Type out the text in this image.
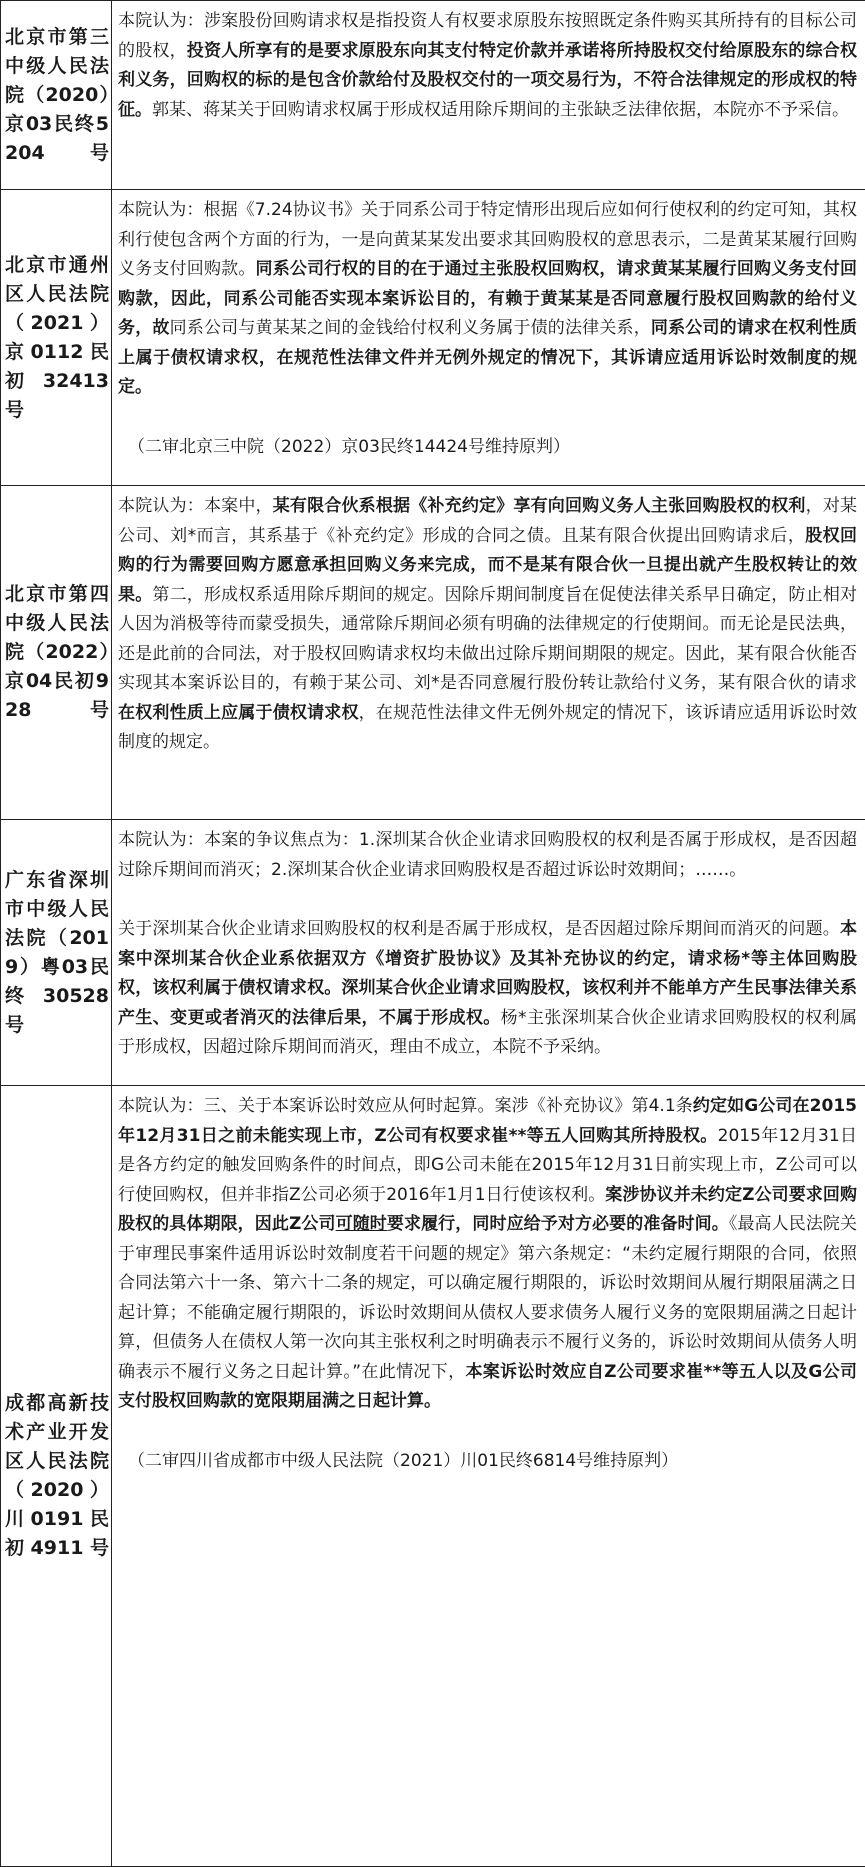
北京市第三中级人民法院（2020）京03民终5204号	本院认为：涉案股份回购请求权是指投资人有权要求原股东按照既定条件购买其所持有的目标公司的股权，投资人所享有的是要求原股东向其支付特定价款并承诺将所持股权交付给原股东的综合权利义务，回购权的标的是包含价款给付及股权交付的一项交易行为，不符合法律规定的形成权的特征。郭某、蒋某关于回购请求权属于形成权适用除斥期间的主张缺乏法律依据，本院亦不予采信。

北京市通州区人民法院（2021）京0112民初32413号	本院认为：根据《7.24协议书》关于同系公司于特定情形出现后应如何行使权利的约定可知，其权利行使包含两个方面的行为，一是向黄某某发出要求其回购股权的意思表示，二是黄某某履行回购义务支付回购款。同系公司行权的目的在于通过主张股权回购权，请求黄某某履行回购义务支付回购款，因此，同系公司能否实现本案诉讼目的，有赖于黄某某是否同意履行股权回购款的给付义务，故同系公司与黄某某之间的金钱给付权利义务属于债的法律关系，同系公司的请求在权利性质上属于债权请求权，在规范性法律文件并无例外规定的情况下，其诉请应适用诉讼时效制度的规定。

（二审北京三中院（2022）京03民终14424号维持原判）

北京市第四中级人民法院（2022）京04民初928号	本院认为：本案中，某有限合伙系根据《补充约定》享有向回购义务人主张回购股权的权利，对某公司、刘*而言，其系基于《补充约定》形成的合同之债。且某有限合伙提出回购请求后，股权回购的行为需要回购方愿意承担回购义务来完成，而不是某有限合伙一旦提出就产生股权转让的效果。第二，形成权系适用除斥期间的规定。因除斥期间制度旨在促使法律关系早日确定，防止相对人因为消极等待而蒙受损失，通常除斥期间必须有明确的法律规定的行使期间。而无论是民法典，还是此前的合同法，对于股权回购请求权均未做出过除斥期间期限的规定。因此，某有限合伙能否实现其本案诉讼目的，有赖于某公司、刘*是否同意履行股份转让款给付义务，某有限合伙的请求在权利性质上应属于债权请求权，在规范性法律文件无例外规定的情况下，该诉请应适用诉讼时效制度的规定。

广东省深圳市中级人民法院（2019）粤03民终30528号	本院认为：本案的争议焦点为：1.深圳某合伙企业请求回购股权的权利是否属于形成权，是否因超过除斥期间而消灭；2.深圳某合伙企业请求回购股权是否超过诉讼时效期间；……。

关于深圳某合伙企业请求回购股权的权利是否属于形成权，是否因超过除斥期间而消灭的问题。本案中深圳某合伙企业系依据双方《增资扩股协议》及其补充协议的约定，请求杨*等主体回购股权，该权利属于债权请求权。深圳某合伙企业请求回购股权，该权利并不能单方产生民事法律关系产生、变更或者消灭的法律后果，不属于形成权。杨*主张深圳某合伙企业请求回购股权的权利属于形成权，因超过除斥期间而消灭，理由不成立，本院不予采纳。

成都高新技术产业开发区人民法院（2020）川0191民初4911号	本院认为：三、关于本案诉讼时效应从何时起算。案涉《补充协议》第4.1条约定如G公司在2015年12月31日之前未能实现上市，Z公司有权要求崔**等五人回购其所持股权。2015年12月31日是各方约定的触发回购条件的时间点，即G公司未能在2015年12月31日前实现上市，Z公司可以行使回购权，但并非指Z公司必须于2016年1月1日行使该权利。案涉协议并未约定Z公司要求回购股权的具体期限，因此Z公司可随时要求履行，同时应给予对方必要的准备时间。《最高人民法院关于审理民事案件适用诉讼时效制度若干问题的规定》第六条规定：“未约定履行期限的合同，依照合同法第六十一条、第六十二条的规定，可以确定履行期限的，诉讼时效期间从履行期限届满之日起计算；不能确定履行期限的，诉讼时效期间从债权人要求债务人履行义务的宽限期届满之日起计算，但债务人在债权人第一次向其主张权利之时明确表示不履行义务的，诉讼时效期间从债务人明确表示不履行义务之日起计算。”在此情况下，本案诉讼时效应自Z公司要求崔**等五人以及G公司支付股权回购款的宽限期届满之日起计算。

（二审四川省成都市中级人民法院（2021）川01民终6814号维持原判）
